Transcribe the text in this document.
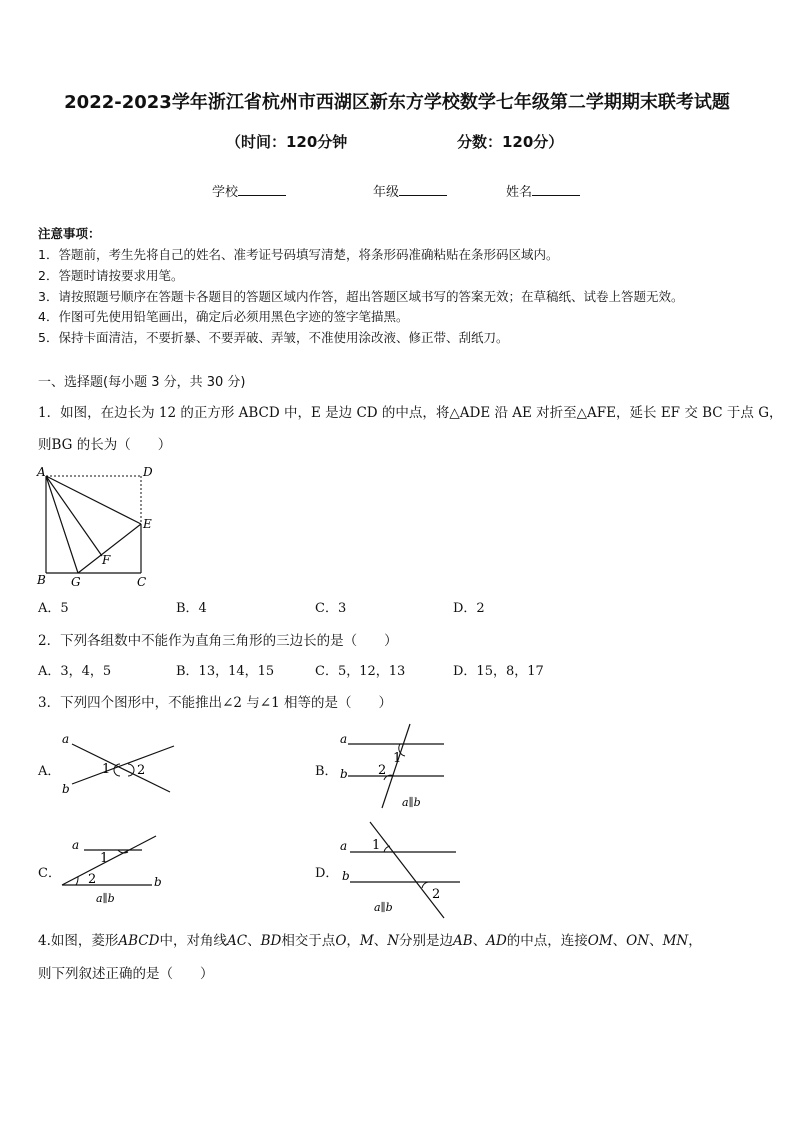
2022-2023学年浙江省杭州市西湖区新东方学校数学七年级第二学期期末联考试题
（时间：120分钟	分数：120分）
学校	年级	姓名
注意事项：
1．答题前，考生先将自己的姓名、准考证号码填写清楚，将条形码准确粘贴在条形码区域内。
2．答题时请按要求用笔。
3．请按照题号顺序在答题卡各题目的答题区域内作答，超出答题区域书写的答案无效；在草稿纸、试卷上答题无效。
4．作图可先使用铅笔画出，确定后必须用黑色字迹的签字笔描黑。
5．保持卡面清洁，不要折暴、不要弄破、弄皱，不准使用涂改液、修正带、刮纸刀。
一、选择题(每小题 3 分，共 30 分)
1．如图，在边长为 12 的正方形 ABCD 中，E 是边 CD 的中点，将△ADE 沿 AE 对折至△AFE，延长 EF 交 BC 于点 G，
则BG 的长为（　　）
A	D
E
F
B G	C
A．5	B．4	C．3	D．2
2．下列各组数中不能作为直角三角形的三边长的是（　　）
A．3，4，5	B．13，14，15	C．5，12，13	D．15，8，17
3．下列四个图形中，不能推出∠2 与∠1 相等的是（　　）
A．
a
b
1 2	B．
a
b
1
2
a∥b
C．
a
b
1
2
a∥b
D．
a
b
1
2
a∥b
4.如图，菱形ABCD中，对角线AC、BD相交于点O，M、N分别是边AB、AD的中点，连接OM、ON、MN，
则下列叙述正确的是（　　）
